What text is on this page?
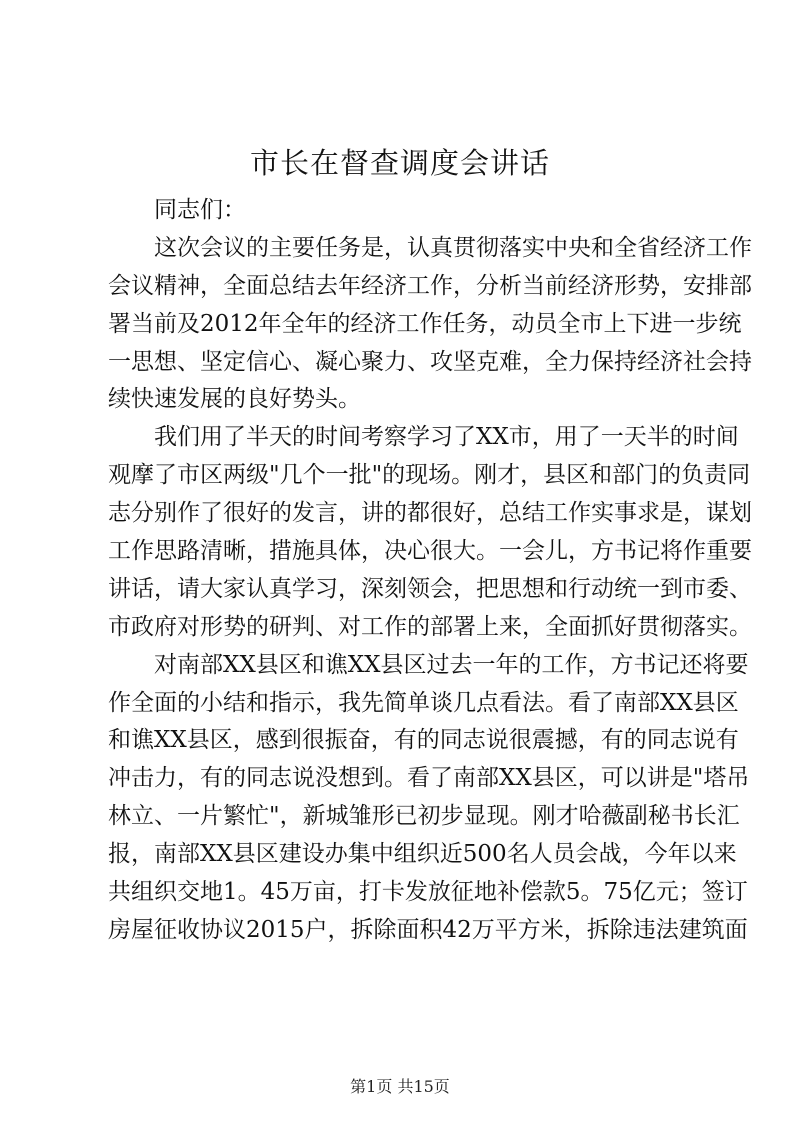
市长在督查调度会讲话
　　同志们：
　　这次会议的主要任务是，认真贯彻落实中央和全省经济工作
会议精神，全面总结去年经济工作，分析当前经济形势，安排部
署当前及2012年全年的经济工作任务，动员全市上下进一步统
一思想、坚定信心、凝心聚力、攻坚克难，全力保持经济社会持
续快速发展的良好势头。
　　我们用了半天的时间考察学习了XX市，用了一天半的时间
观摩了市区两级"几个一批"的现场。刚才，县区和部门的负责同
志分别作了很好的发言，讲的都很好，总结工作实事求是，谋划
工作思路清晰，措施具体，决心很大。一会儿，方书记将作重要
讲话，请大家认真学习，深刻领会，把思想和行动统一到市委、
市政府对形势的研判、对工作的部署上来，全面抓好贯彻落实。
　　对南部XX县区和谯XX县区过去一年的工作，方书记还将要
作全面的小结和指示，我先简单谈几点看法。看了南部XX县区
和谯XX县区，感到很振奋，有的同志说很震撼，有的同志说有
冲击力，有的同志说没想到。看了南部XX县区，可以讲是"塔吊
林立、一片繁忙"，新城雏形已初步显现。刚才哈薇副秘书长汇
报，南部XX县区建设办集中组织近500名人员会战，今年以来
共组织交地1。45万亩，打卡发放征地补偿款5。75亿元；签订
房屋征收协议2015户，拆除面积42万平方米，拆除违法建筑面
第1页 共15页
